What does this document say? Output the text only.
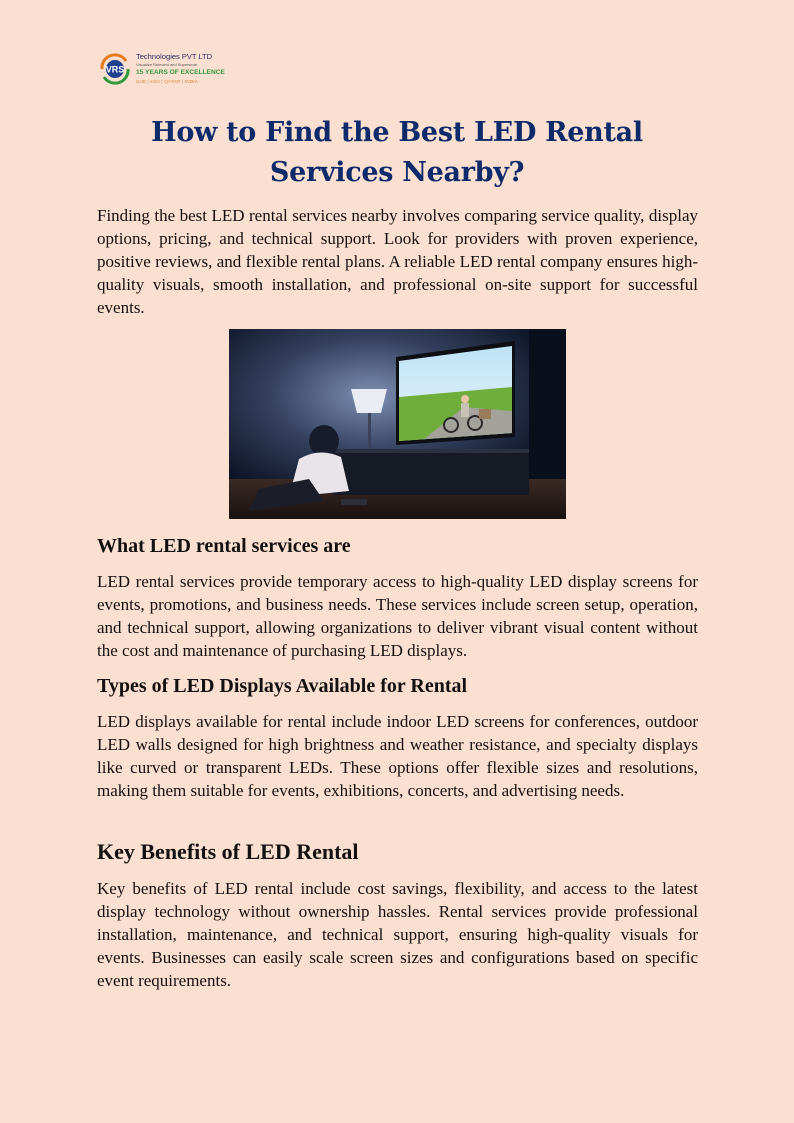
VRS
Technologies PVT LTD
Visualize Reinvent and Supersede
15 YEARS OF EXCELLENCE
UAE | KSA | QATAR | INDIA
How to Find the Best LED Rental
Services Nearby?

Finding the best LED rental services nearby involves comparing service quality, display options, pricing, and technical support. Look for providers with proven experience, positive reviews, and flexible rental plans. A reliable LED rental company ensures high-quality visuals, smooth installation, and professional on-site support for successful events.

What LED rental services are

LED rental services provide temporary access to high-quality LED display screens for events, promotions, and business needs. These services include screen setup, operation, and technical support, allowing organizations to deliver vibrant visual content without the cost and maintenance of purchasing LED displays.

Types of LED Displays Available for Rental

LED displays available for rental include indoor LED screens for conferences, outdoor LED walls designed for high brightness and weather resistance, and specialty displays like curved or transparent LEDs. These options offer flexible sizes and resolutions, making them suitable for events, exhibitions, concerts, and advertising needs.

Key Benefits of LED Rental

Key benefits of LED rental include cost savings, flexibility, and access to the latest display technology without ownership hassles. Rental services provide professional installation, maintenance, and technical support, ensuring high-quality visuals for events. Businesses can easily scale screen sizes and configurations based on specific event requirements.
